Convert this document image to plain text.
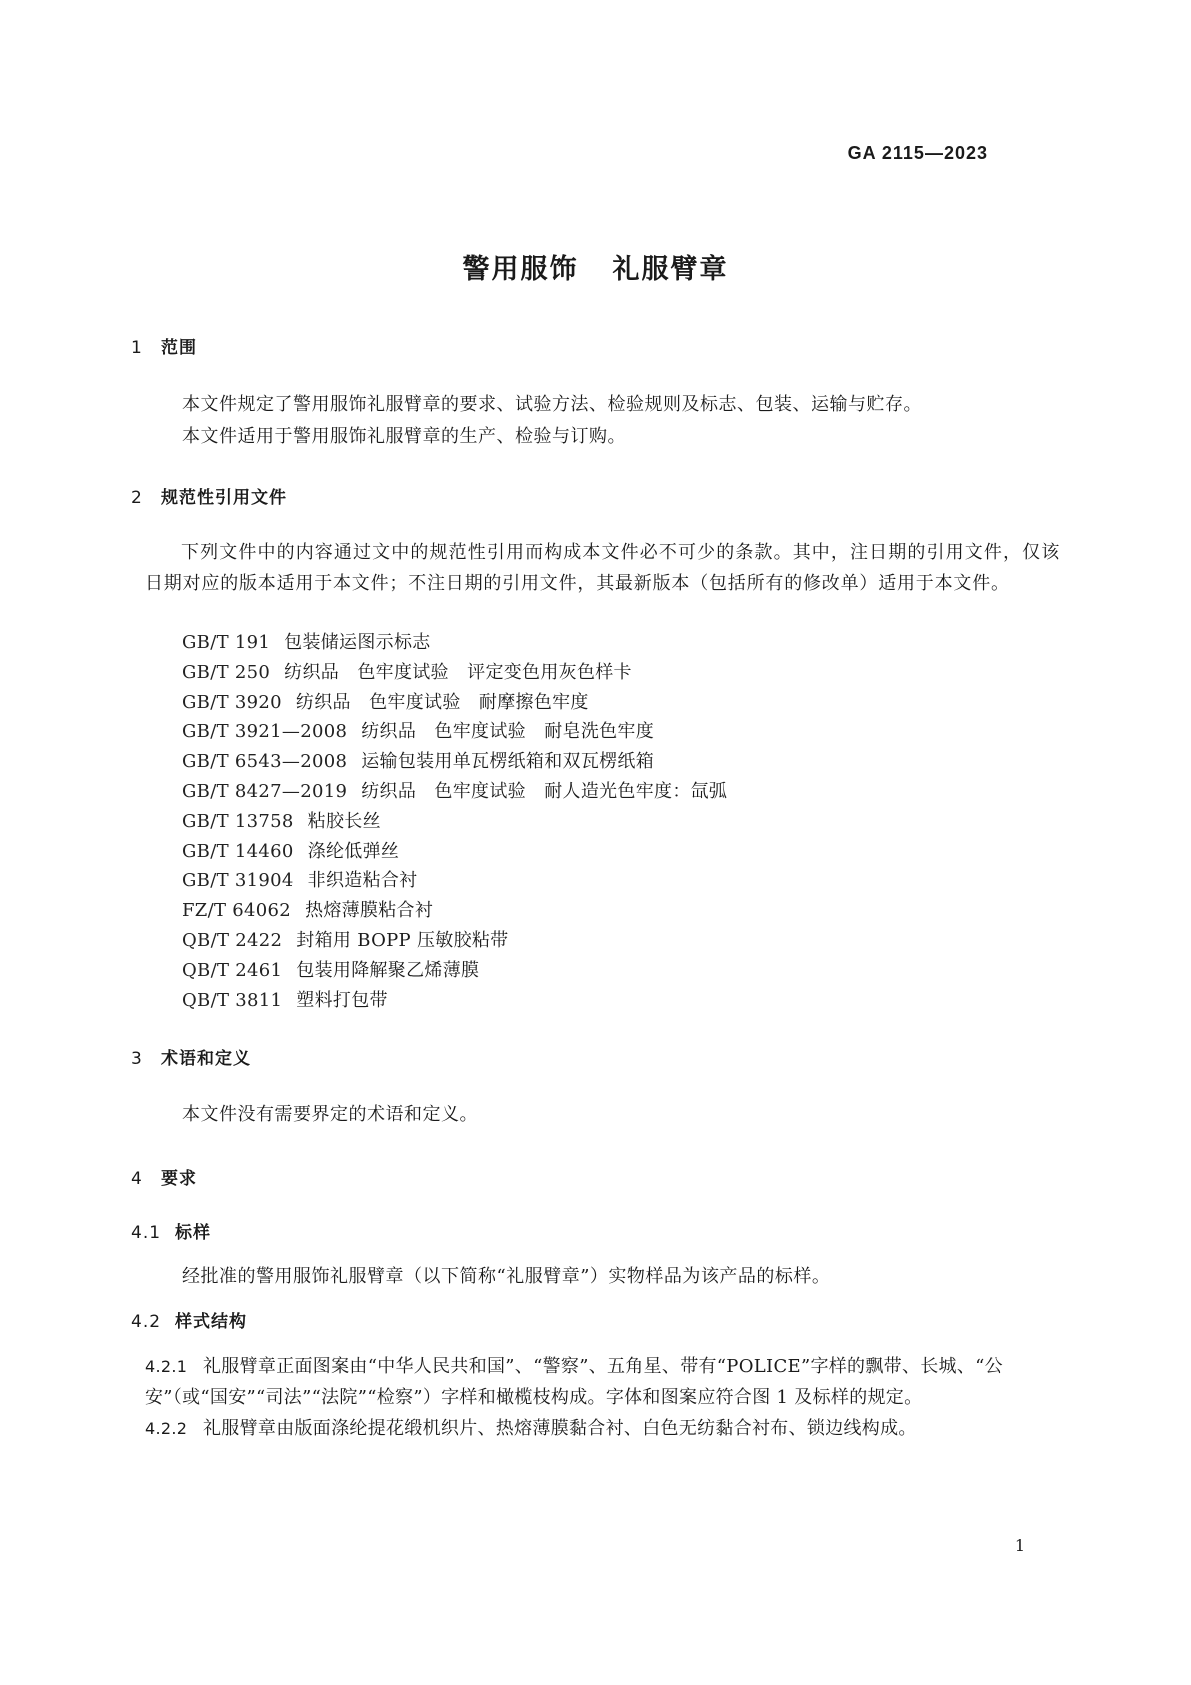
GA 2115—2023
警用服饰 礼服臂章
1 范围
本文件规定了警用服饰礼服臂章的要求、试验方法、检验规则及标志、包装、运输与贮存。
本文件适用于警用服饰礼服臂章的生产、检验与订购。
2 规范性引用文件
下列文件中的内容通过文中的规范性引用而构成本文件必不可少的条款。其中，注日期的引用文件，仅该日期对应的版本适用于本文件；不注日期的引用文件，其最新版本（包括所有的修改单）适用于本文件。
GB/T 191 包装储运图示标志
GB/T 250 纺织品　色牢度试验　评定变色用灰色样卡
GB/T 3920 纺织品　色牢度试验　耐摩擦色牢度
GB/T 3921—2008 纺织品　色牢度试验　耐皂洗色牢度
GB/T 6543—2008 运输包装用单瓦楞纸箱和双瓦楞纸箱
GB/T 8427—2019 纺织品　色牢度试验　耐人造光色牢度：氙弧
GB/T 13758 粘胶长丝
GB/T 14460 涤纶低弹丝
GB/T 31904 非织造粘合衬
FZ/T 64062 热熔薄膜粘合衬
QB/T 2422 封箱用 BOPP 压敏胶粘带
QB/T 2461 包装用降解聚乙烯薄膜
QB/T 3811 塑料打包带
3 术语和定义
本文件没有需要界定的术语和定义。
4 要求
4.1 标样
经批准的警用服饰礼服臂章（以下简称“礼服臂章”）实物样品为该产品的标样。
4.2 样式结构
4.2.1 礼服臂章正面图案由“中华人民共和国”、“警察”、五角星、带有“POLICE”字样的飘带、长城、“公
安”（或“国安”“司法”“法院”“检察”）字样和橄榄枝构成。字体和图案应符合图 1 及标样的规定。
4.2.2 礼服臂章由版面涤纶提花缎机织片、热熔薄膜黏合衬、白色无纺黏合衬布、锁边线构成。
1
